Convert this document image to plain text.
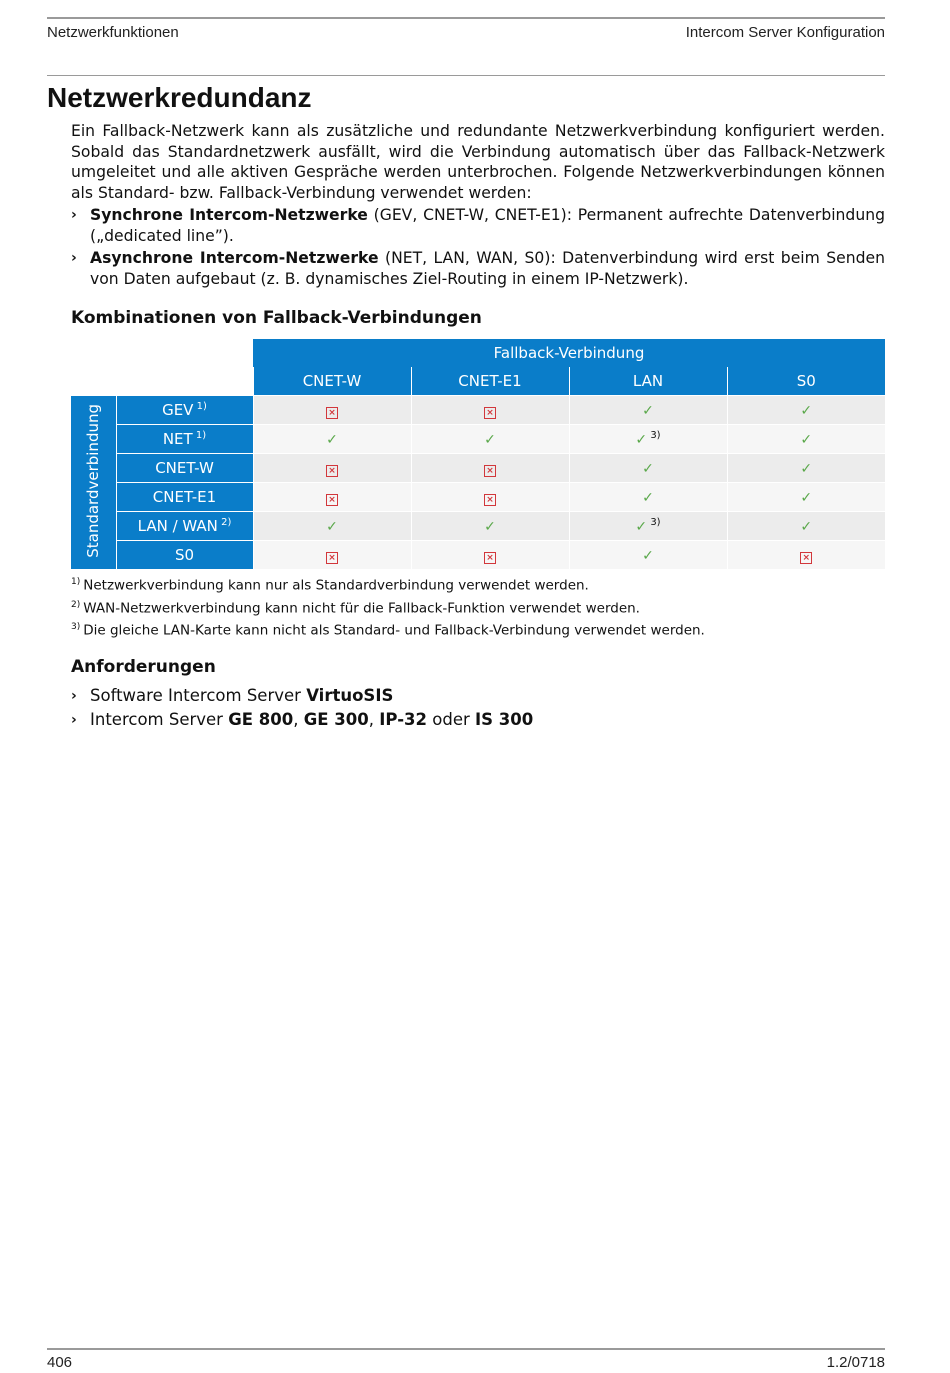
Netzwerkfunktionen	Intercom Server Konfiguration
Netzwerkredundanz

Ein Fallback-Netzwerk kann als zusätzliche und redundante Netzwerkverbindung konfiguriert werden. Sobald das Standardnetzwerk ausfällt, wird die Verbindung automatisch über das Fallback-Netzwerk umgeleitet und alle aktiven Gespräche werden unterbrochen. Folgende Netzwerkverbindungen können als Standard- bzw. Fallback-Verbindung verwendet werden:

› Synchrone Intercom-Netzwerke (GEV, CNET-W, CNET-E1): Permanent aufrechte Datenverbindung („dedicated line”).
› Asynchrone Intercom-Netzwerke (NET, LAN, WAN, S0): Datenverbindung wird erst beim Senden von Daten aufgebaut (z. B. dynamisches Ziel-Routing in einem IP-Netzwerk).
Kombinationen von Fallback-Verbindungen
		Fallback-Verbindung			
		CNET-W	CNET-E1	LAN	S0
Standardverbindung	GEV $^{1)}$	×	×	✓	✓
	NET $^{1)}$	✓	✓	✓ $^{3)}$	✓
	CNET-W	×	×	✓	✓
	CNET-E1	×	×	✓	✓
	LAN / WAN $^{2)}$	✓	✓	✓ $^{3)}$	✓
	S0	×	×	✓	×
$^{1)}$ Netzwerkverbindung kann nur als Standardverbindung verwendet werden.
$^{2)}$ WAN-Netzwerkverbindung kann nicht für die Fallback-Funktion verwendet werden.
$^{3)}$ Die gleiche LAN-Karte kann nicht als Standard- und Fallback-Verbindung verwendet werden.
Anforderungen
› Software Intercom Server VirtuoSIS
› Intercom Server GE 800, GE 300, IP-32 oder IS 300
406	1.2/0718
